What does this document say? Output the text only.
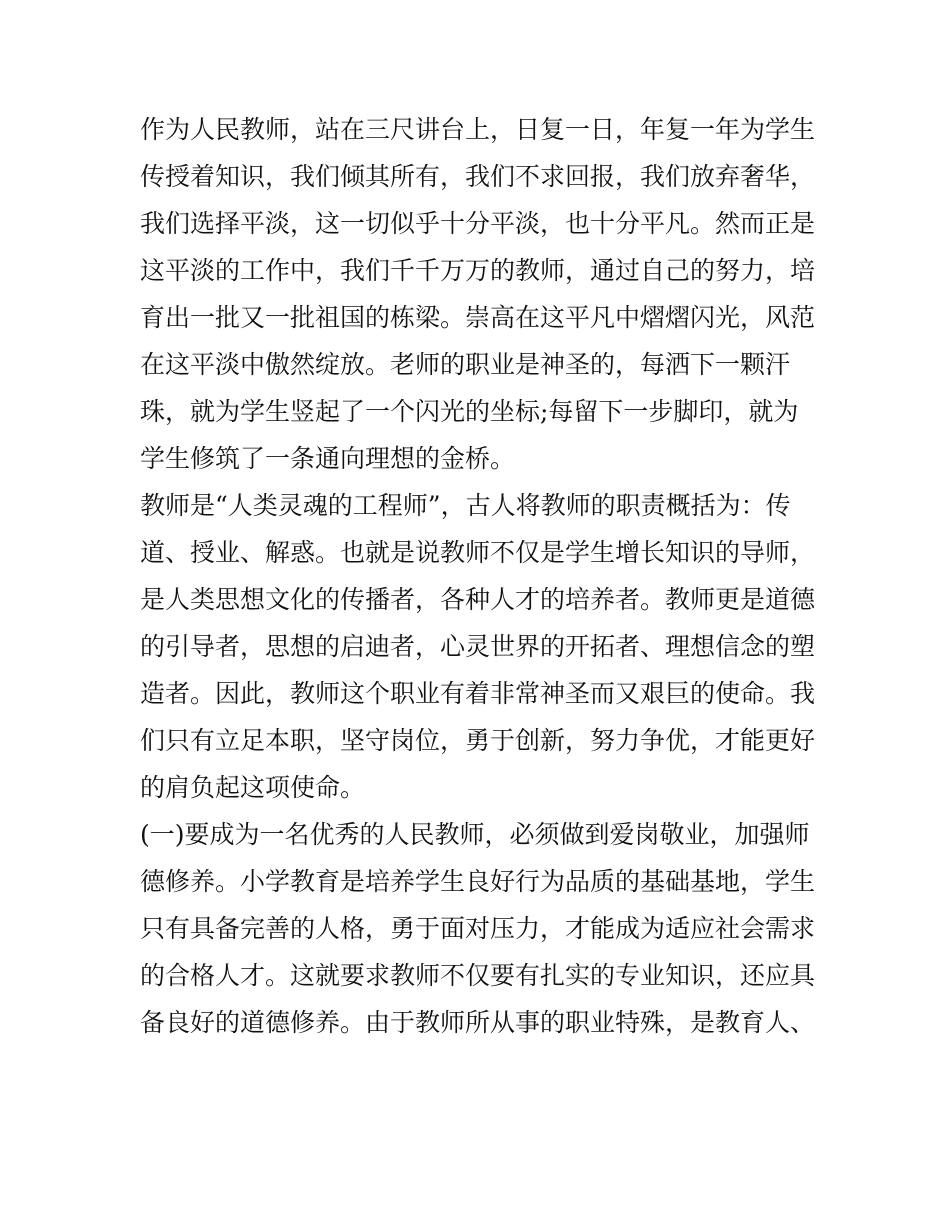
作为人民教师，站在三尺讲台上，日复一日，年复一年为学生
传授着知识，我们倾其所有，我们不求回报，我们放弃奢华，
我们选择平淡，这一切似乎十分平淡，也十分平凡。然而正是
这平淡的工作中，我们千千万万的教师，通过自己的努力，培
育出一批又一批祖国的栋梁。崇高在这平凡中熠熠闪光，风范
在这平淡中傲然绽放。老师的职业是神圣的，每洒下一颗汗
珠，就为学生竖起了一个闪光的坐标;每留下一步脚印，就为
学生修筑了一条通向理想的金桥。
教师是“人类灵魂的工程师”，古人将教师的职责概括为：传
道、授业、解惑。也就是说教师不仅是学生增长知识的导师，
是人类思想文化的传播者，各种人才的培养者。教师更是道德
的引导者，思想的启迪者，心灵世界的开拓者、理想信念的塑
造者。因此，教师这个职业有着非常神圣而又艰巨的使命。我
们只有立足本职，坚守岗位，勇于创新，努力争优，才能更好
的肩负起这项使命。
(一)要成为一名优秀的人民教师，必须做到爱岗敬业，加强师
德修养。小学教育是培养学生良好行为品质的基础基地，学生
只有具备完善的人格，勇于面对压力，才能成为适应社会需求
的合格人才。这就要求教师不仅要有扎实的专业知识，还应具
备良好的道德修养。由于教师所从事的职业特殊，是教育人、
